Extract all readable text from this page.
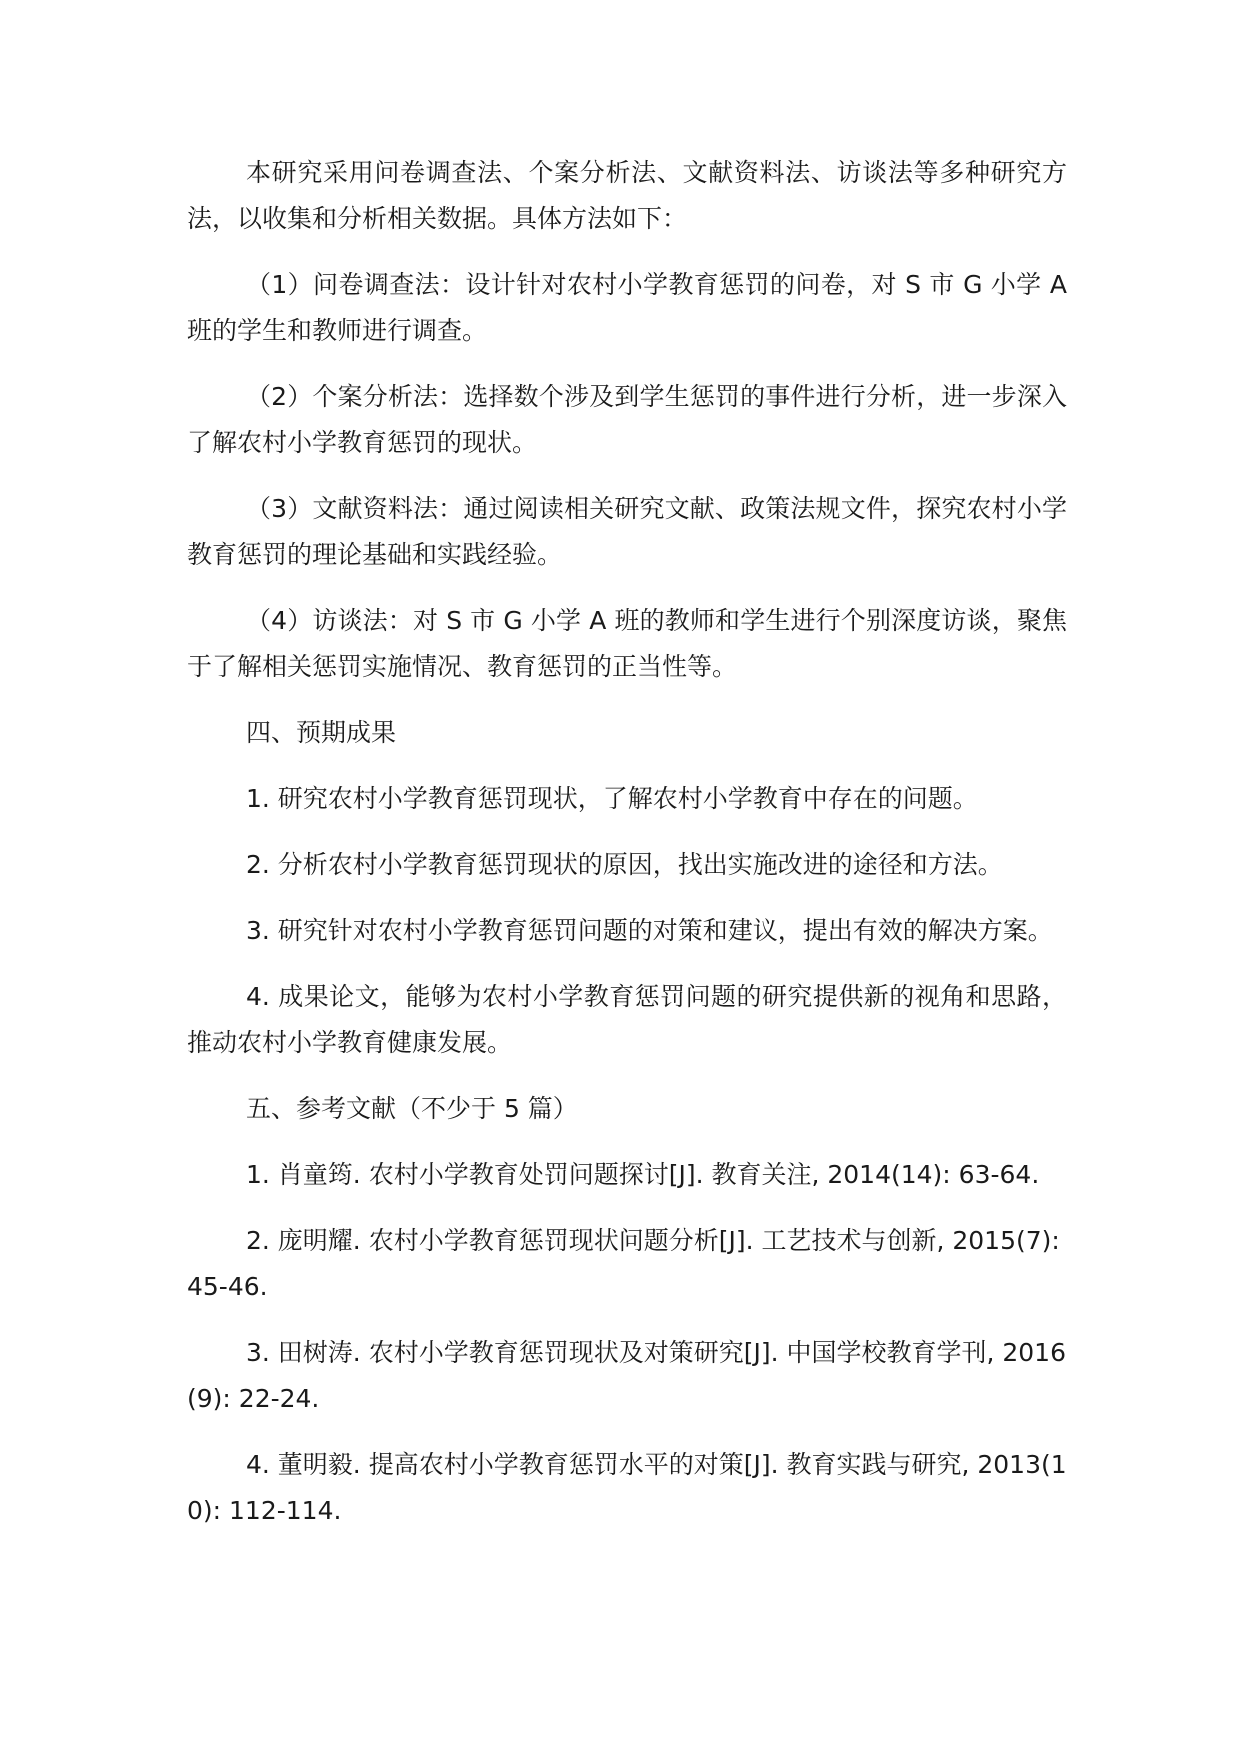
本研究采用问卷调查法、个案分析法、文献资料法、访谈法等多种研究方法，以收集和分析相关数据。具体方法如下：

（1）问卷调查法：设计针对农村小学教育惩罚的问卷，对 S 市 G 小学 A 班的学生和教师进行调查。

（2）个案分析法：选择数个涉及到学生惩罚的事件进行分析，进一步深入了解农村小学教育惩罚的现状。

（3）文献资料法：通过阅读相关研究文献、政策法规文件，探究农村小学教育惩罚的理论基础和实践经验。

（4）访谈法：对 S 市 G 小学 A 班的教师和学生进行个别深度访谈，聚焦于了解相关惩罚实施情况、教育惩罚的正当性等。

四、预期成果

1. 研究农村小学教育惩罚现状，了解农村小学教育中存在的问题。

2. 分析农村小学教育惩罚现状的原因，找出实施改进的途径和方法。

3. 研究针对农村小学教育惩罚问题的对策和建议，提出有效的解决方案。

4. 成果论文，能够为农村小学教育惩罚问题的研究提供新的视角和思路，推动农村小学教育健康发展。

五、参考文献（不少于 5 篇）

1. 肖童筠. 农村小学教育处罚问题探讨[J]. 教育关注, 2014(14): 63-64.

2. 庞明耀. 农村小学教育惩罚现状问题分析[J]. 工艺技术与创新, 2015(7): 45-46.

3. 田树涛. 农村小学教育惩罚现状及对策研究[J]. 中国学校教育学刊, 2016(9): 22-24.

4. 董明毅. 提高农村小学教育惩罚水平的对策[J]. 教育实践与研究, 2013(10): 112-114.
